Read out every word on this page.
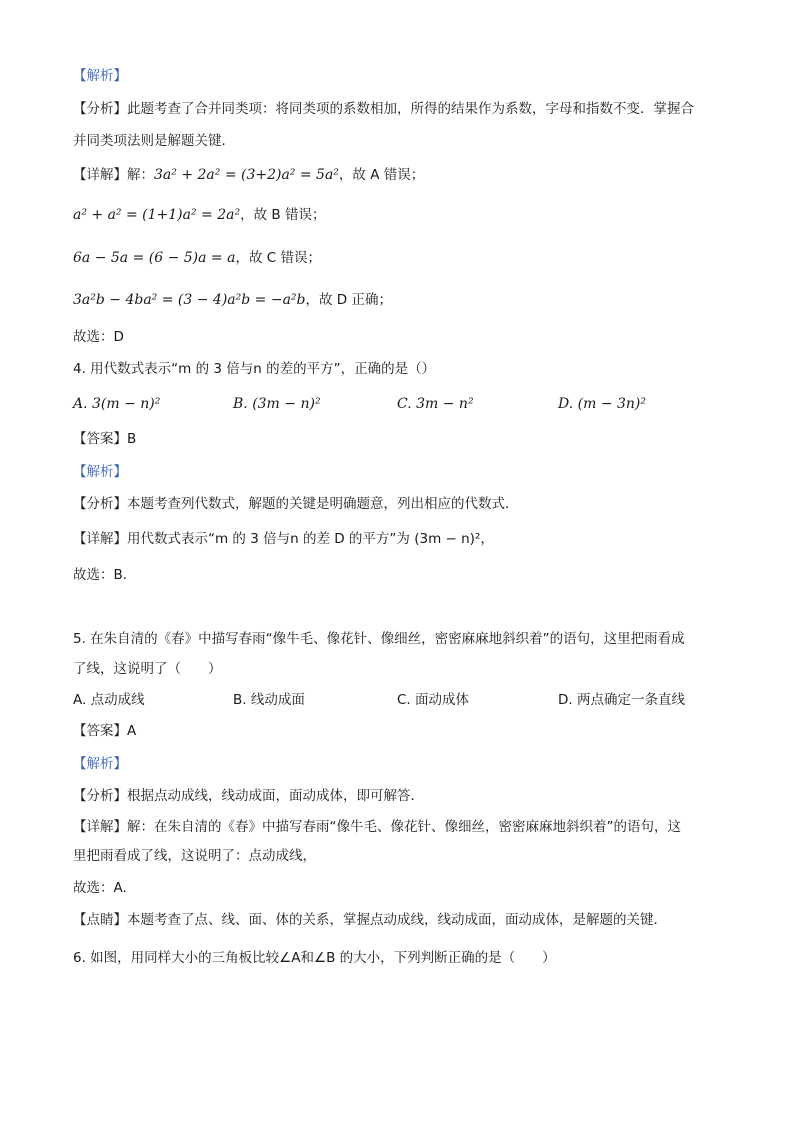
【解析】
【分析】此题考查了合并同类项：将同类项的系数相加，所得的结果作为系数，字母和指数不变．掌握合
并同类项法则是解题关键．
【详解】解：3a² + 2a² = (3+2)a² = 5a²，故 A 错误；
a² + a² = (1+1)a² = 2a²，故 B 错误；
6a − 5a = (6 − 5)a = a，故 C 错误；
3a²b − 4ba² = (3 − 4)a²b = −a²b，故 D 正确；
故选：D
4. 用代数式表示“m 的 3 倍与n 的差的平方”，正确的是（）
A. 3(m − n)²	B. (3m − n)²	C. 3m − n²	D. (m − 3n)²
【答案】B
【解析】
【分析】本题考查列代数式，解题的关键是明确题意，列出相应的代数式．
【详解】用代数式表示“m 的 3 倍与n 的差 D 的平方”为 (3m − n)²，
故选：B．
5. 在朱自清的《春》中描写春雨“像牛毛、像花针、像细丝，密密麻麻地斜织着”的语句，这里把雨看成
了线，这说明了（　　）
A. 点动成线	B. 线动成面	C. 面动成体	D. 两点确定一条直线
【答案】A
【解析】
【分析】根据点动成线，线动成面，面动成体，即可解答．
【详解】解：在朱自清的《春》中描写春雨“像牛毛、像花针、像细丝，密密麻麻地斜织着”的语句，这
里把雨看成了线，这说明了：点动成线，
故选：A.
【点睛】本题考查了点、线、面、体的关系，掌握点动成线，线动成面，面动成体，是解题的关键．
6. 如图，用同样大小的三角板比较∠A和∠B 的大小，下列判断正确的是（　　）
